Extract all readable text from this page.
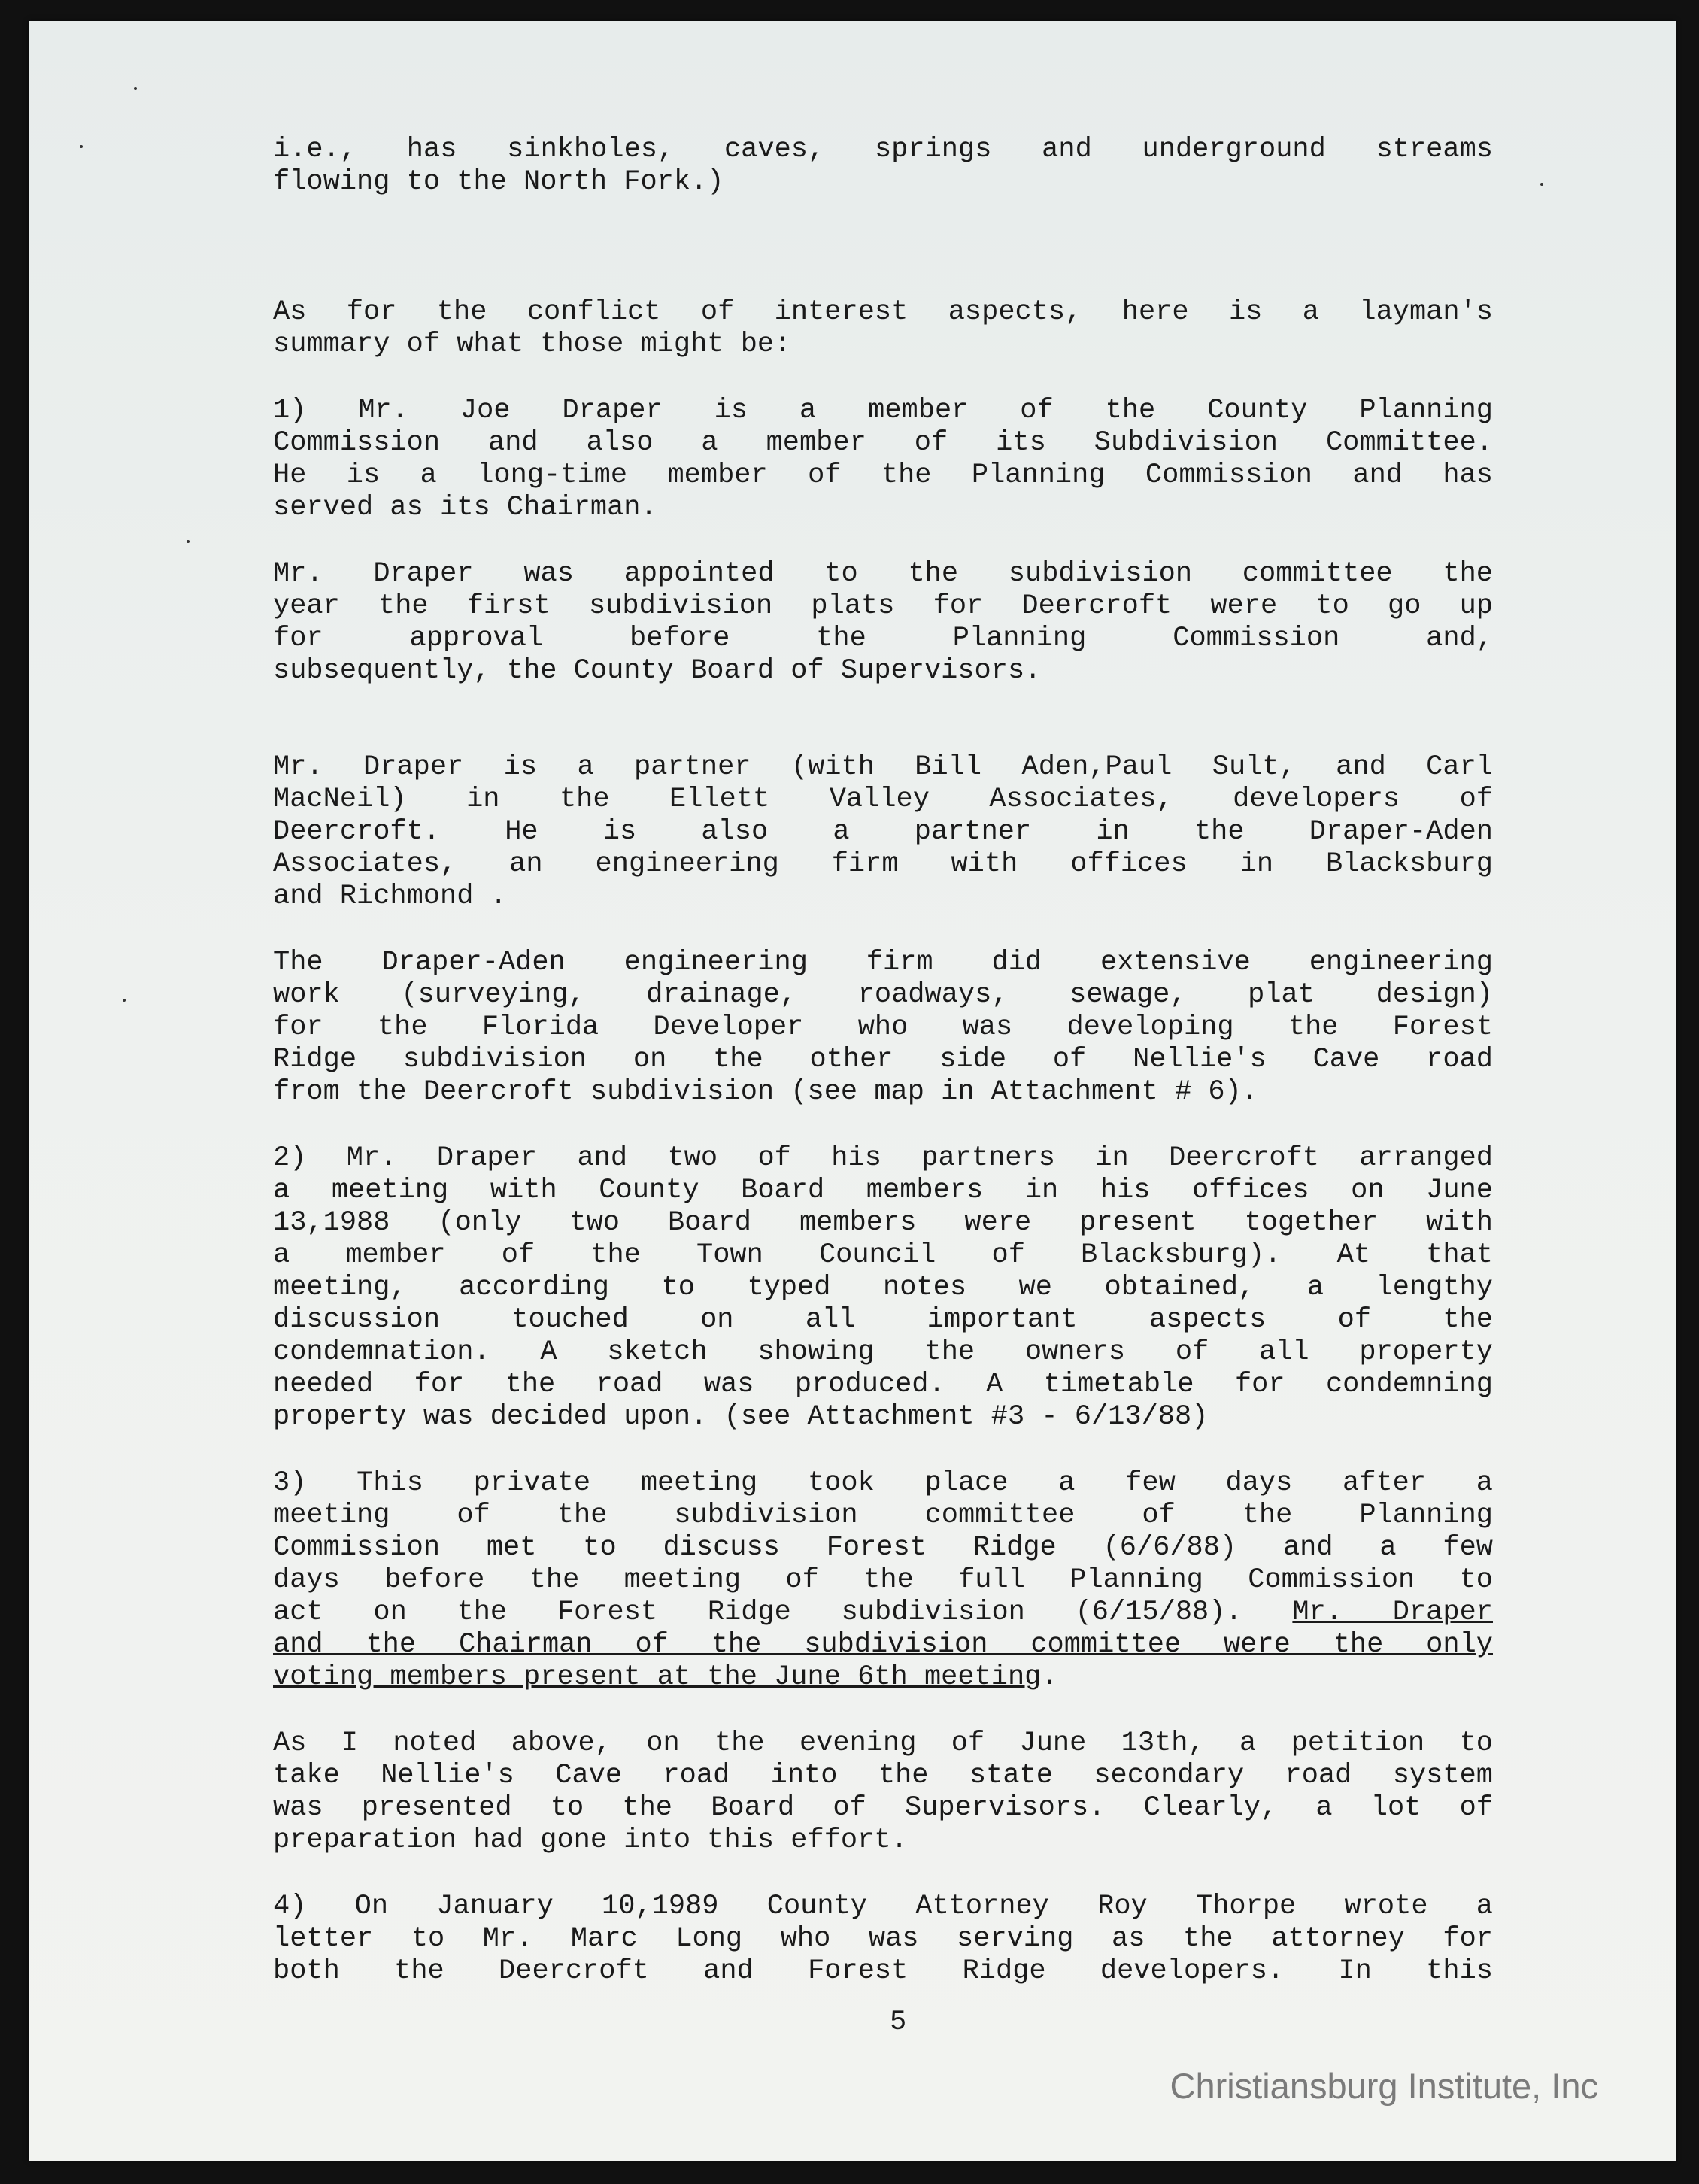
i.e., has sinkholes, caves, springs and underground streams
flowing to the North Fork.)
As for the conflict of interest aspects, here is a layman's
summary of what those might be:
1) Mr. Joe Draper is a member of the County Planning
Commission and also a member of its Subdivision Committee.
He is a long-time member of the Planning Commission and has
served as its Chairman.
Mr. Draper was appointed to the subdivision committee the
year the first subdivision plats for Deercroft were to go up
for approval before the Planning Commission and,
subsequently, the County Board of Supervisors.
Mr. Draper is a partner (with Bill Aden,Paul Sult, and Carl
MacNeil) in the Ellett Valley Associates, developers of
Deercroft. He is also a partner in the Draper-Aden
Associates, an engineering firm with offices in Blacksburg
and Richmond .
The Draper-Aden engineering firm did extensive engineering
work (surveying, drainage, roadways, sewage, plat design)
for the Florida Developer who was developing the Forest
Ridge subdivision on the other side of Nellie's Cave road
from the Deercroft subdivision (see map in Attachment # 6).
2) Mr. Draper and two of his partners in Deercroft arranged
a meeting with County Board members in his offices on June
13,1988 (only two Board members were present together with
a member of the Town Council of Blacksburg). At that
meeting, according to typed notes we obtained, a lengthy
discussion touched on all important aspects of the
condemnation. A sketch showing the owners of all property
needed for the road was produced. A timetable for condemning
property was decided upon. (see Attachment #3 - 6/13/88)
3) This private meeting took place a few days after a
meeting of the subdivision committee of the Planning
Commission met to discuss Forest Ridge (6/6/88) and a few
days before the meeting of the full Planning Commission to
act on the Forest Ridge subdivision (6/15/88). Mr. Draper
and the Chairman of the subdivision committee were the only
voting members present at the June 6th meeting.
As I noted above, on the evening of June 13th, a petition to
take Nellie's Cave road into the state secondary road system
was presented to the Board of Supervisors. Clearly, a lot of
preparation had gone into this effort.
4) On January 10,1989 County Attorney Roy Thorpe wrote a
letter to Mr. Marc Long who was serving as the attorney for
both the Deercroft and Forest Ridge developers. In this
5
Christiansburg Institute, Inc
